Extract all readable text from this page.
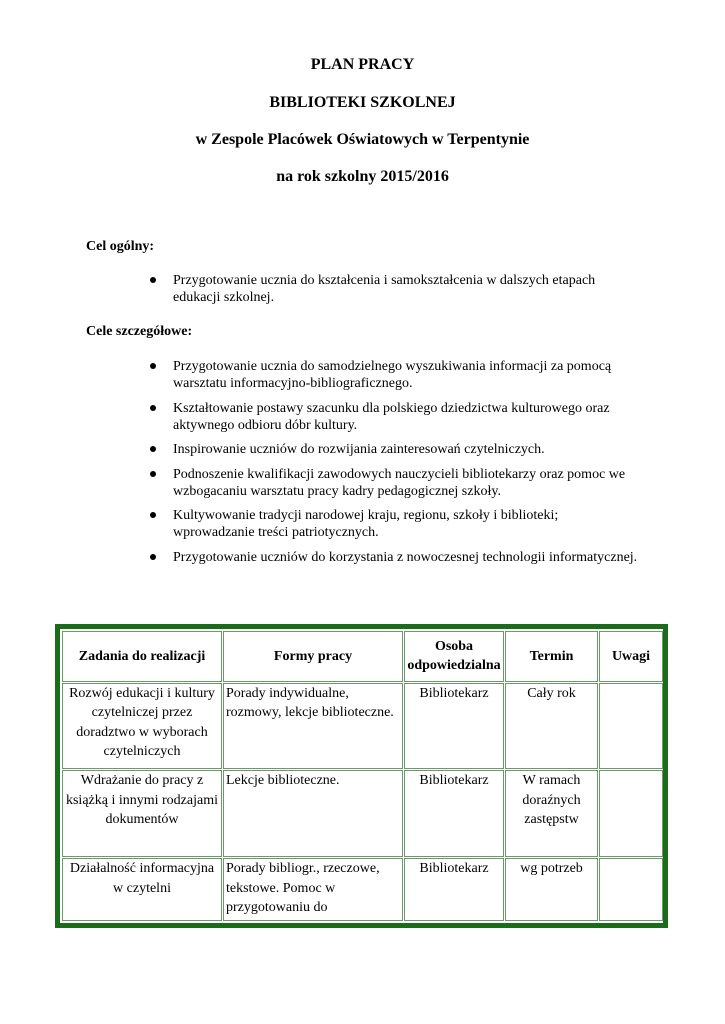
PLAN PRACY
BIBLIOTEKI SZKOLNEJ
w Zespole Placówek Oświatowych w Terpentynie
na rok szkolny 2015/2016
Cel ogólny:
Przygotowanie ucznia do kształcenia i samokształcenia w dalszych etapach edukacji szkolnej.
Cele szczegółowe:
Przygotowanie ucznia do samodzielnego wyszukiwania informacji za pomocą warsztatu informacyjno-bibliograficznego.
Kształtowanie postawy szacunku dla polskiego dziedzictwa kulturowego oraz aktywnego odbioru dóbr kultury.
Inspirowanie uczniów do rozwijania zainteresowań czytelniczych.
Podnoszenie kwalifikacji zawodowych nauczycieli bibliotekarzy oraz pomoc we wzbogacaniu warsztatu pracy kadry pedagogicznej szkoły.
Kultywowanie tradycji narodowej kraju, regionu, szkoły i biblioteki; wprowadzanie treści patriotycznych.
Przygotowanie uczniów do korzystania z nowoczesnej technologii informatycznej.
Zadania do realizacji	Formy pracy	Osoba odpowiedzialna	Termin	Uwagi
Rozwój edukacji i kultury czytelniczej przez doradztwo w wyborach czytelniczych	Porady indywidualne, rozmowy, lekcje biblioteczne.	Bibliotekarz	Cały rok	
Wdrażanie do pracy z książką i innymi rodzajami dokumentów	Lekcje biblioteczne.	Bibliotekarz	W ramach doraźnych zastępstw	
Działalność informacyjna w czytelni	Porady bibliogr., rzeczowe, tekstowe. Pomoc w przygotowaniu do	Bibliotekarz	wg potrzeb	
